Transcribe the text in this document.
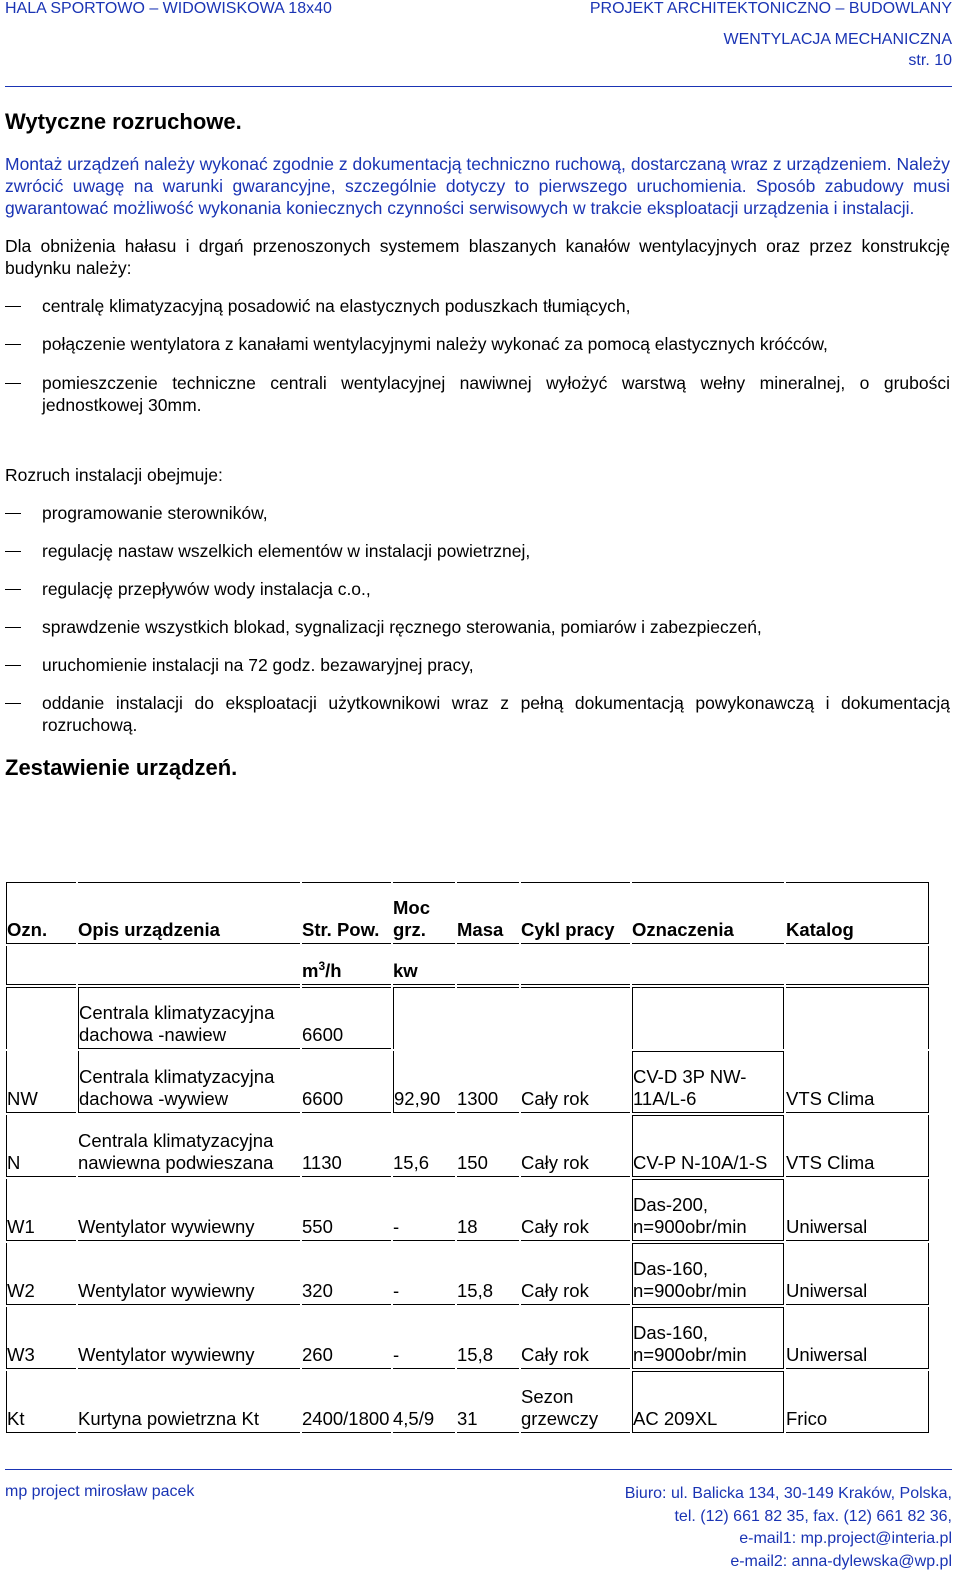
HALA SPORTOWO – WIDOWISKOWA 18x40	PROJEKT ARCHITEKTONICZNO – BUDOWLANY
WENTYLACJA MECHANICZNA
str. 10
Wytyczne rozruchowe.

Montaż urządzeń należy wykonać zgodnie z dokumentacją techniczno ruchową, dostarczaną wraz z urządzeniem. Należy zwrócić uwagę na warunki gwarancyjne, szczególnie dotyczy to pierwszego uruchomienia. Sposób zabudowy musi gwarantować możliwość wykonania koniecznych czynności serwisowych w trakcie eksploatacji urządzenia i instalacji.

Dla obniżenia hałasu i drgań przenoszonych systemem blaszanych kanałów wentylacyjnych oraz przez konstrukcję budynku należy:

centralę klimatyzacyjną posadowić na elastycznych poduszkach tłumiących,
połączenie wentylatora z kanałami wentylacyjnymi należy wykonać za pomocą elastycznych króćców,
pomieszczenie techniczne centrali wentylacyjnej nawiwnej wyłożyć warstwą wełny mineralnej, o grubości jednostkowej 30mm.

Rozruch instalacji obejmuje:

programowanie sterowników,
regulację nastaw wszelkich elementów w instalacji powietrznej,
regulację przepływów wody instalacja c.o.,
sprawdzenie wszystkich blokad, sygnalizacji ręcznego sterowania, pomiarów i zabezpieczeń,
uruchomienie instalacji na 72 godz. bezawaryjnej pracy,
oddanie instalacji do eksploatacji użytkownikowi wraz z pełną dokumentacją powykonawczą i dokumentacją rozruchową.
Zestawienie urządzeń.
Ozn.	Opis urządzenia	Str. Pow.	Moc grz.	Masa	Cykl pracy	Oznaczenia	Katalog
		$m^3/h$	kw				
	Centrala klimatyzacyjna dachowa -nawiew	6600					
NW	Centrala klimatyzacyjna dachowa -wywiew	6600	92,90	1300	Cały rok	CV-D 3P NW-11A/L-6	VTS Clima
N	Centrala klimatyzacyjna nawiewna podwieszana	1130	15,6	150	Cały rok	CV-P N-10A/1-S	VTS Clima
W1	Wentylator wywiewny	550	-	18	Cały rok	Das-200, n=900obr/min	Uniwersal
W2	Wentylator wywiewny	320	-	15,8	Cały rok	Das-160, n=900obr/min	Uniwersal
W3	Wentylator wywiewny	260	-	15,8	Cały rok	Das-160, n=900obr/min	Uniwersal
Kt	Kurtyna powietrzna Kt	2400/1800	4,5/9	31	Sezon grzewczy	AC 209XL	Frico
mp project mirosław pacek	Biuro: ul. Balicka 134, 30-149 Kraków, Polska,
tel. (12) 661 82 35, fax. (12) 661 82 36,
e-mail1: mp.project@interia.pl
e-mail2: anna-dylewska@wp.pl
